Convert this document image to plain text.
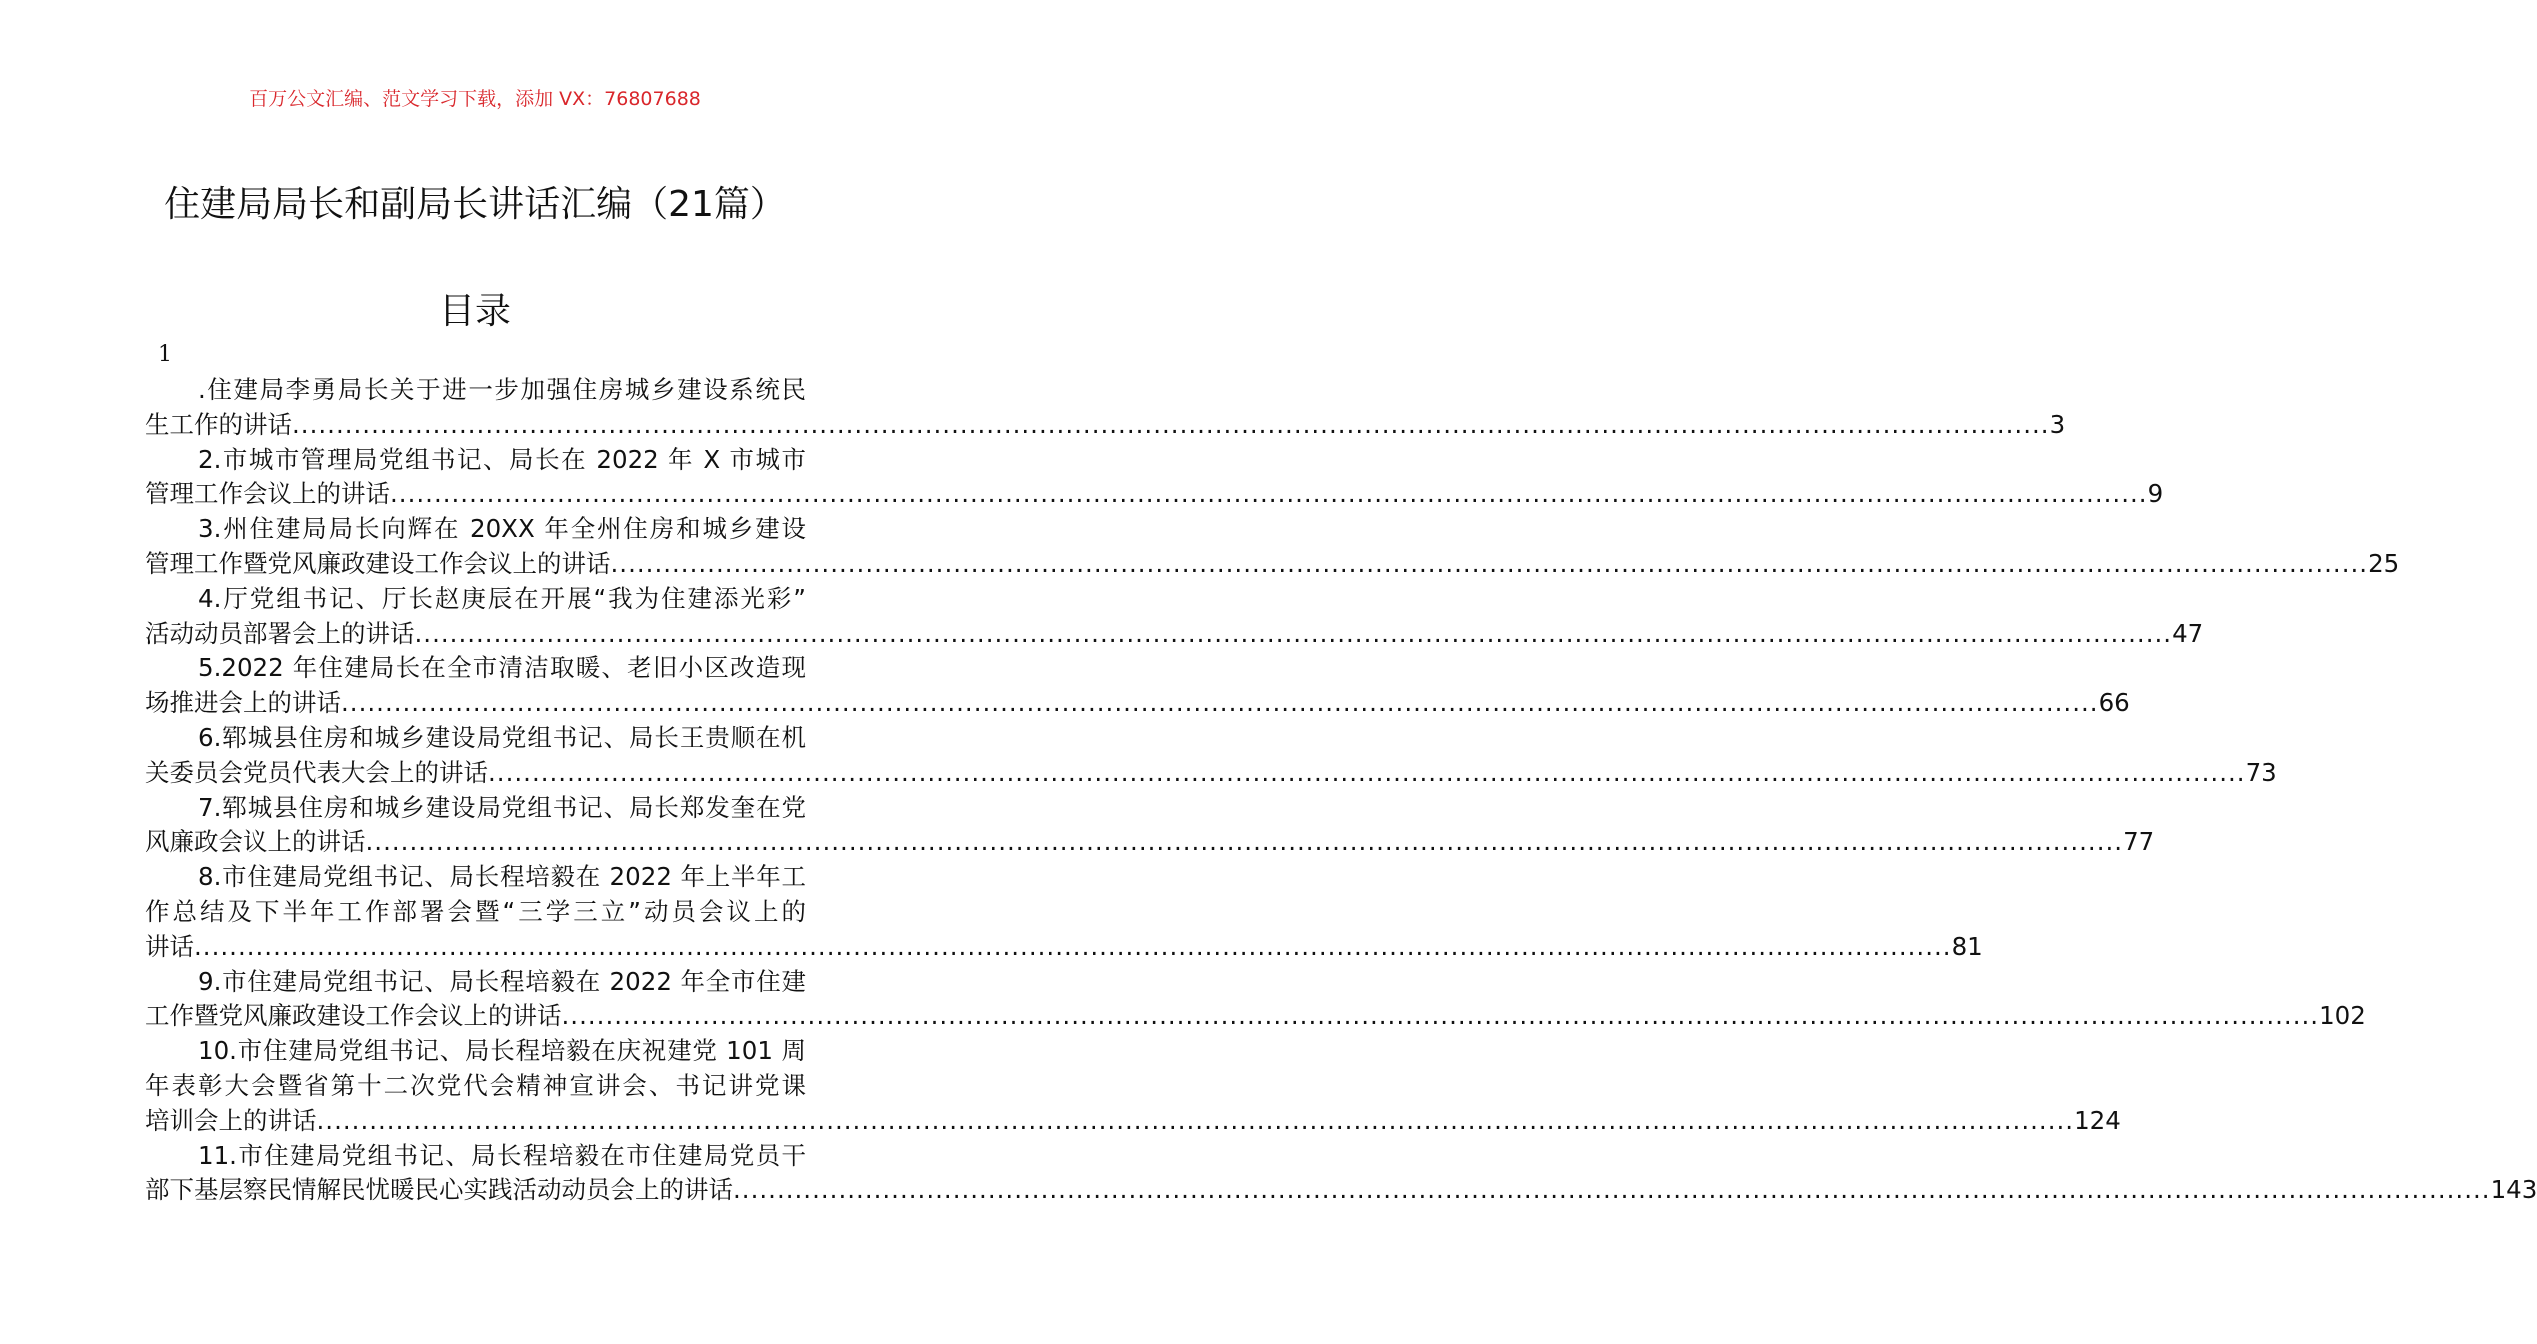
百万公文汇编、范文学习下载，添加 VX：76807688
住建局局长和副局长讲话汇编（21篇）
目录
1
.住建局李勇局长关于进一步加强住房城乡建设系统民
生工作的讲话 ........................................................................................................................................................................................................ 3
2.市城市管理局党组书记、局长在 2022 年 X 市城市
管理工作会议上的讲话 ........................................................................................................................................................................................................ 9
3.州住建局局长向辉在 20XX 年全州住房和城乡建设
管理工作暨党风廉政建设工作会议上的讲话 ........................................................................................................................................................................................................ 25
4.厅党组书记、厅长赵庚辰在开展“我为住建添光彩”
活动动员部署会上的讲话 ........................................................................................................................................................................................................ 47
5.2022 年住建局长在全市清洁取暖、老旧小区改造现
场推进会上的讲话 ........................................................................................................................................................................................................ 66
6.郓城县住房和城乡建设局党组书记、局长王贵顺在机
关委员会党员代表大会上的讲话 ........................................................................................................................................................................................................ 73
7.郓城县住房和城乡建设局党组书记、局长郑发奎在党
风廉政会议上的讲话 ........................................................................................................................................................................................................ 77
8.市住建局党组书记、局长程培毅在 2022 年上半年工
作总结及下半年工作部署会暨“三学三立”动员会议上的
讲话 ........................................................................................................................................................................................................ 81
9.市住建局党组书记、局长程培毅在 2022 年全市住建
工作暨党风廉政建设工作会议上的讲话 ........................................................................................................................................................................................................ 102
10.市住建局党组书记、局长程培毅在庆祝建党 101 周
年表彰大会暨省第十二次党代会精神宣讲会、书记讲党课
培训会上的讲话 ........................................................................................................................................................................................................ 124
11.市住建局党组书记、局长程培毅在市住建局党员干
部下基层察民情解民忧暖民心实践活动动员会上的讲话 ........................................................................................................................................................................................................ 143
